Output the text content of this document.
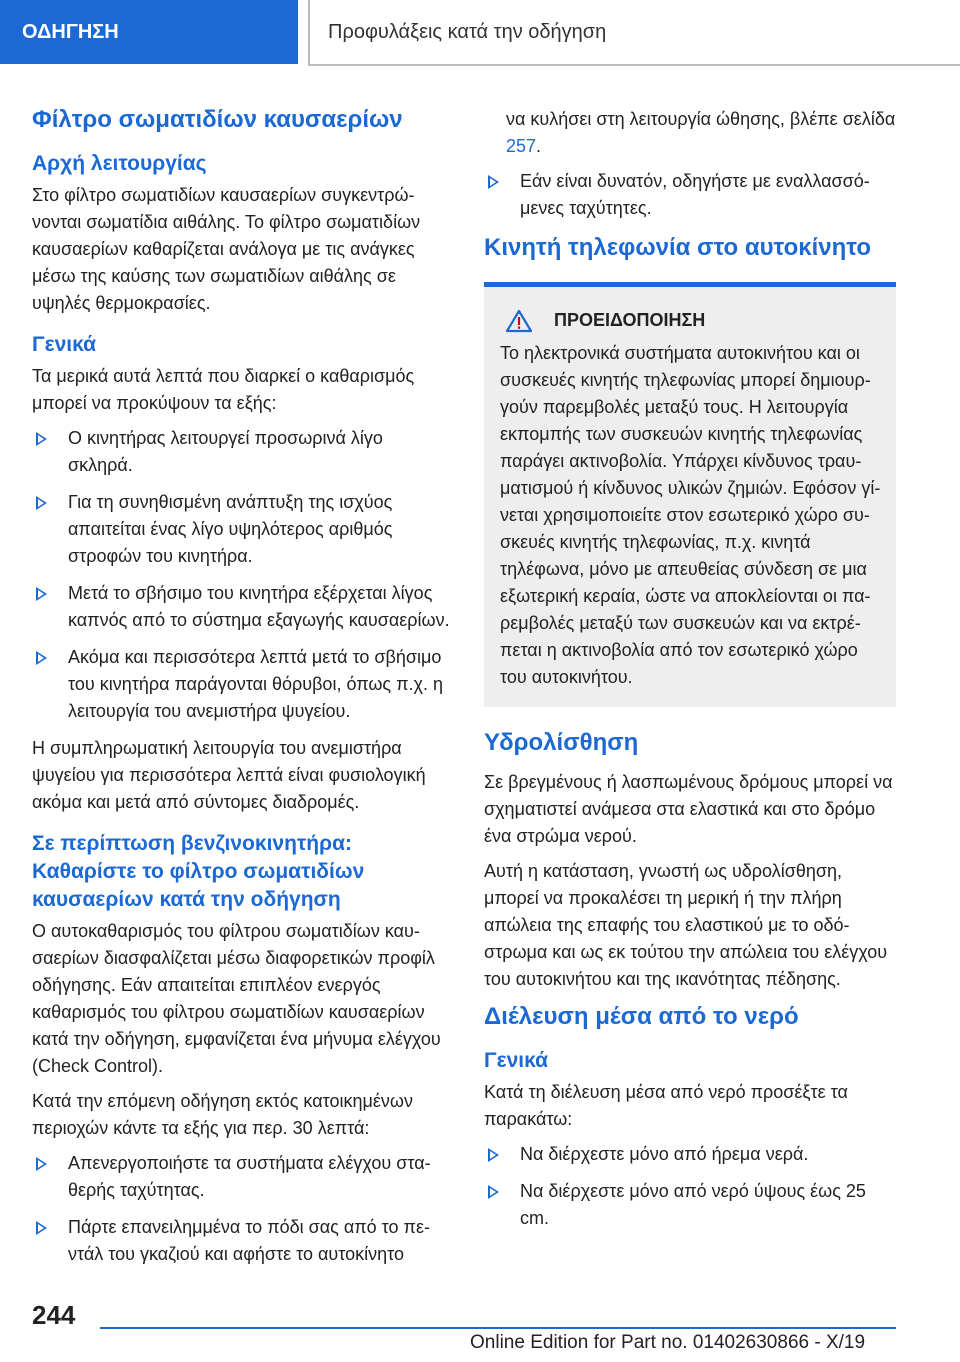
ΟΔΗΓΗΣΗ	Προφυλάξεις κατά την οδήγηση
Φίλτρο σωματιδίων καυσαερίων
Αρχή λειτουργίας

Στο φίλτρο σωματιδίων καυσαερίων συγκεντρώνονται σωματίδια αιθάλης. Το φίλτρο σωματιδίων καυσαερίων καθαρίζεται ανάλογα με τις ανάγκες μέσω της καύσης των σωματιδίων αιθάλης σε υψηλές θερμοκρασίες.

Γενικά

Τα μερικά αυτά λεπτά που διαρκεί ο καθαρισμός μπορεί να προκύψουν τα εξής:

Ο κινητήρας λειτουργεί προσωρινά λίγο σκληρά.
Για τη συνηθισμένη ανάπτυξη της ισχύος απαιτείται ένας λίγο υψηλότερος αριθμός στροφών του κινητήρα.
Μετά το σβήσιμο του κινητήρα εξέρχεται λίγος καπνός από το σύστημα εξαγωγής καυσαερίων.
Ακόμα και περισσότερα λεπτά μετά το σβήσιμο του κινητήρα παράγονται θόρυβοι, όπως π.χ. η λειτουργία του ανεμιστήρα ψυγείου.

Η συμπληρωματική λειτουργία του ανεμιστήρα ψυγείου για περισσότερα λεπτά είναι φυσιολογική ακόμα και μετά από σύντομες διαδρομές.

Σε περίπτωση βενζινοκινητήρα: Καθαρίστε το φίλτρο σωματιδίων καυσαερίων κατά την οδήγηση

Ο αυτοκαθαρισμός του φίλτρου σωματιδίων καυσαερίων διασφαλίζεται μέσω διαφορετικών προφίλ οδήγησης. Εάν απαιτείται επιπλέον ενεργός καθαρισμός του φίλτρου σωματιδίων καυσαερίων κατά την οδήγηση, εμφανίζεται ένα μήνυμα ελέγχου (Check Control).

Κατά την επόμενη οδήγηση εκτός κατοικημένων περιοχών κάντε τα εξής για περ. 30 λεπτά:

Απενεργοποιήστε τα συστήματα ελέγχου σταθερής ταχύτητας.
Πάρτε επανειλημμένα το πόδι σας από το πεντάλ του γκαζιού και αφήστε το αυτοκίνητο

να κυλήσει στη λειτουργία ώθησης, βλέπε σελίδα 257.

Εάν είναι δυνατόν, οδηγήστε με εναλλασσόμενες ταχύτητες.
Κινητή τηλεφωνία στο αυτοκίνητο
ΠΡΟΕΙΔΟΠΟΙΗΣΗ

Το ηλεκτρονικά συστήματα αυτοκινήτου και οι συσκευές κινητής τηλεφωνίας μπορεί δημιουργούν παρεμβολές μεταξύ τους. Η λειτουργία εκπομπής των συσκευών κινητής τηλεφωνίας παράγει ακτινοβολία. Υπάρχει κίνδυνος τραυματισμού ή κίνδυνος υλικών ζημιών. Εφόσον γίνεται χρησιμοποιείτε στον εσωτερικό χώρο συσκευές κινητής τηλεφωνίας, π.χ. κινητά τηλέφωνα, μόνο με απευθείας σύνδεση σε μια εξωτερική κεραία, ώστε να αποκλείονται οι παρεμβολές μεταξύ των συσκευών και να εκτρέπεται η ακτινοβολία από τον εσωτερικό χώρο του αυτοκινήτου.

Υδρολίσθηση

Σε βρεγμένους ή λασπωμένους δρόμους μπορεί να σχηματιστεί ανάμεσα στα ελαστικά και στο δρόμο ένα στρώμα νερού.

Αυτή η κατάσταση, γνωστή ως υδρολίσθηση, μπορεί να προκαλέσει τη μερική ή την πλήρη απώλεια της επαφής του ελαστικού με το οδόστρωμα και ως εκ τούτου την απώλεια του ελέγχου του αυτοκινήτου και της ικανότητας πέδησης.

Διέλευση μέσα από το νερό
Γενικά

Κατά τη διέλευση μέσα από νερό προσέξτε τα παρακάτω:

Να διέρχεστε μόνο από ήρεμα νερά.
Να διέρχεστε μόνο από νερό ύψους έως 25 cm.
244
Online Edition for Part no. 01402630866 - X/19
